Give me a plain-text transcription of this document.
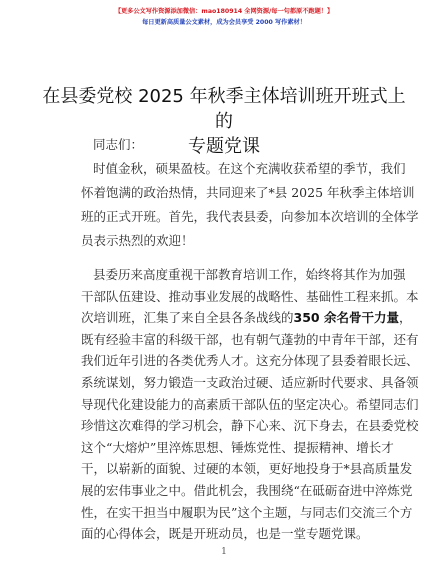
【更多公文写作资源添加微信：mao180914 全网资源/每一句都原不跑题！】
每日更新高质量公文素材，成为会员享受 2000 写作素材！
在县委党校 2025 年秋季主体培训班开班式上的
专题党课
同志们：
时值金秋，硕果盈枝。在这个充满收获希望的季节，我们
怀着饱满的政治热情，共同迎来了*县 2025 年秋季主体培训
班的正式开班。首先，我代表县委，向参加本次培训的全体学
员表示热烈的欢迎！
县委历来高度重视干部教育培训工作，始终将其作为加强
干部队伍建设、推动事业发展的战略性、基础性工程来抓。本
次培训班，汇集了来自全县各条战线的350 余名骨干力量，
既有经验丰富的科级干部，也有朝气蓬勃的中青年干部，还有
我们近年引进的各类优秀人才。这充分体现了县委着眼长远、
系统谋划，努力锻造一支政治过硬、适应新时代要求、具备领
导现代化建设能力的高素质干部队伍的坚定决心。希望同志们
珍惜这次难得的学习机会，静下心来、沉下身去，在县委党校
这个“大熔炉”里淬炼思想、锤炼党性、提振精神、增长才
干，以崭新的面貌、过硬的本领，更好地投身于*县高质量发
展的宏伟事业之中。借此机会，我围绕“在砥砺奋进中淬炼党
1
性，在实干担当中履职为民”这个主题，与同志们交流三个方
面的心得体会，既是开班动员，也是一堂专题党课。
